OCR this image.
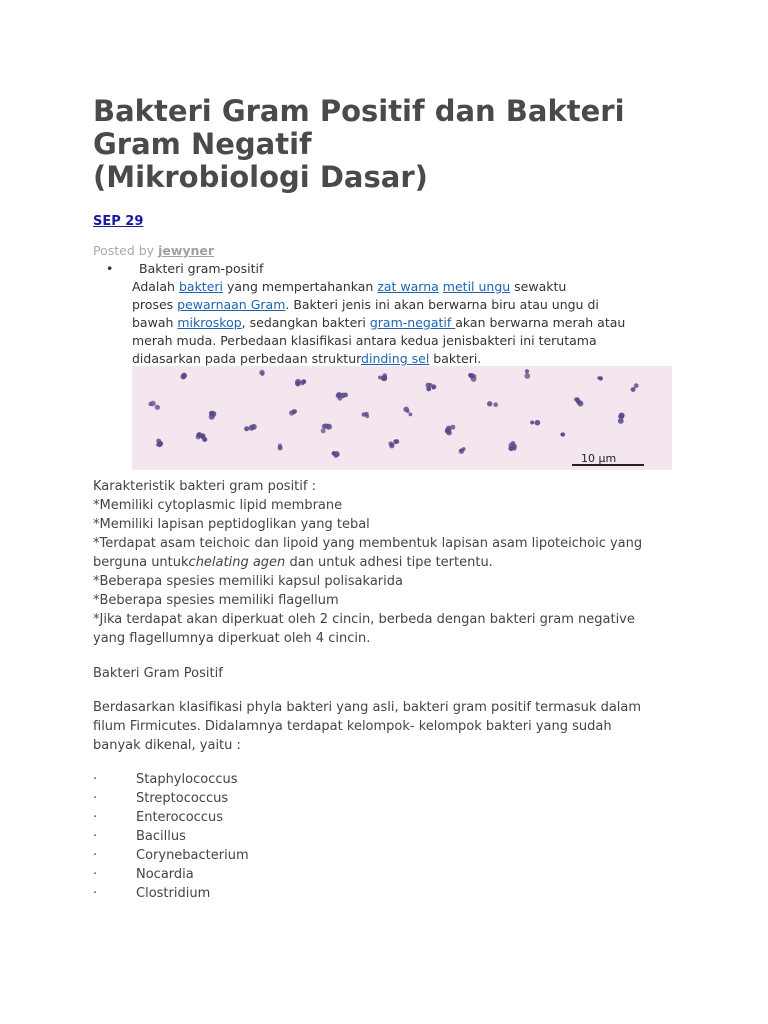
Bakteri Gram Positif dan Bakteri
Gram Negatif
(Mikrobiologi Dasar)
SEP 29
Posted by jewyner
• Bakteri gram-positif
Adalah bakteri yang mempertahankan zat warna metil ungu sewaktu
proses pewarnaan Gram. Bakteri jenis ini akan berwarna biru atau ungu di
bawah mikroskop, sedangkan bakteri gram-negatif akan berwarna merah atau
merah muda. Perbedaan klasifikasi antara kedua jenisbakteri ini terutama
didasarkan pada perbedaan strukturdinding sel bakteri.
10 µm
Karakteristik bakteri gram positif :
*Memiliki cytoplasmic lipid membrane
*Memiliki lapisan peptidoglikan yang tebal
*Terdapat asam teichoic dan lipoid yang membentuk lapisan asam lipoteichoic yang
berguna untukchelating agen dan untuk adhesi tipe tertentu.
*Beberapa spesies memiliki kapsul polisakarida
*Beberapa spesies memiliki flagellum
*Jika terdapat akan diperkuat oleh 2 cincin, berbeda dengan bakteri gram negative
yang flagellumnya diperkuat oleh 4 cincin.
Bakteri Gram Positif
Berdasarkan klasifikasi phyla bakteri yang asli, bakteri gram positif termasuk dalam
filum Firmicutes. Didalamnya terdapat kelompok- kelompok bakteri yang sudah
banyak dikenal, yaitu :
·	Staphylococcus
·	Streptococcus
·	Enterococcus
·	Bacillus
·	Corynebacterium
·	Nocardia
·	Clostridium
